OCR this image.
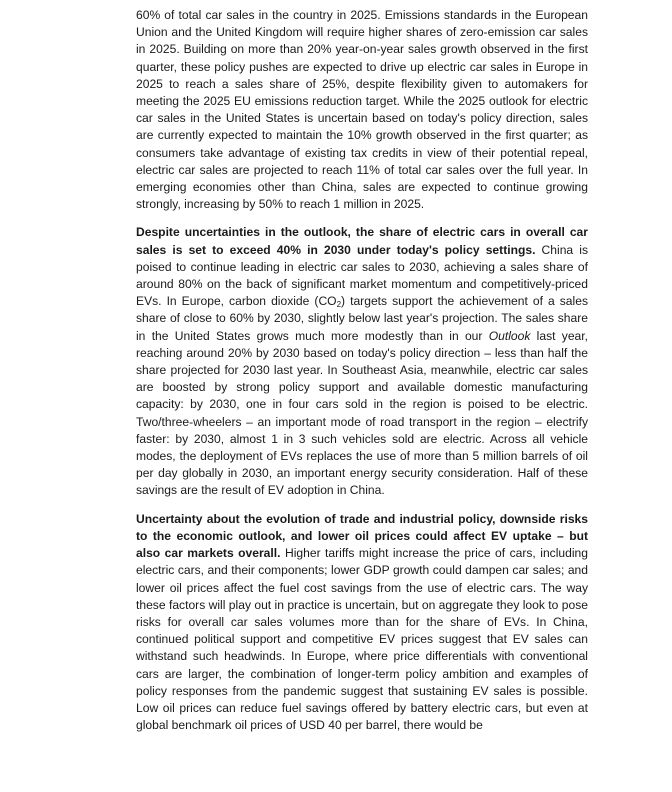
60% of total car sales in the country in 2025. Emissions standards in the European Union and the United Kingdom will require higher shares of zero-emission car sales in 2025. Building on more than 20% year-on-year sales growth observed in the first quarter, these policy pushes are expected to drive up electric car sales in Europe in 2025 to reach a sales share of 25%, despite flexibility given to automakers for meeting the 2025 EU emissions reduction target. While the 2025 outlook for electric car sales in the United States is uncertain based on today's policy direction, sales are currently expected to maintain the 10% growth observed in the first quarter; as consumers take advantage of existing tax credits in view of their potential repeal, electric car sales are projected to reach 11% of total car sales over the full year. In emerging economies other than China, sales are expected to continue growing strongly, increasing by 50% to reach 1 million in 2025.

Despite uncertainties in the outlook, the share of electric cars in overall car sales is set to exceed 40% in 2030 under today's policy settings. China is poised to continue leading in electric car sales to 2030, achieving a sales share of around 80% on the back of significant market momentum and competitively-priced EVs. In Europe, carbon dioxide $(CO_2)$ targets support the achievement of a sales share of close to 60% by 2030, slightly below last year's projection. The sales share in the United States grows much more modestly than in our Outlook last year, reaching around 20% by 2030 based on today's policy direction – less than half the share projected for 2030 last year. In Southeast Asia, meanwhile, electric car sales are boosted by strong policy support and available domestic manufacturing capacity: by 2030, one in four cars sold in the region is poised to be electric. Two/three-wheelers – an important mode of road transport in the region – electrify faster: by 2030, almost 1 in 3 such vehicles sold are electric. Across all vehicle modes, the deployment of EVs replaces the use of more than 5 million barrels of oil per day globally in 2030, an important energy security consideration. Half of these savings are the result of EV adoption in China.

Uncertainty about the evolution of trade and industrial policy, downside risks to the economic outlook, and lower oil prices could affect EV uptake – but also car markets overall. Higher tariffs might increase the price of cars, including electric cars, and their components; lower GDP growth could dampen car sales; and lower oil prices affect the fuel cost savings from the use of electric cars. The way these factors will play out in practice is uncertain, but on aggregate they look to pose risks for overall car sales volumes more than for the share of EVs. In China, continued political support and competitive EV prices suggest that EV sales can withstand such headwinds. In Europe, where price differentials with conventional cars are larger, the combination of longer-term policy ambition and examples of policy responses from the pandemic suggest that sustaining EV sales is possible. Low oil prices can reduce fuel savings offered by battery electric cars, but even at global benchmark oil prices of USD 40 per barrel, there would be
